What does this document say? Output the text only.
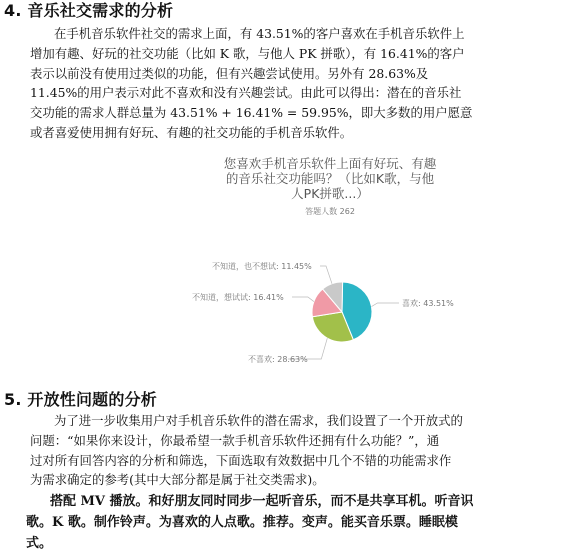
4. 音乐社交需求的分析
在手机音乐软件社交的需求上面，有 43.51%的客户喜欢在手机音乐软件上
增加有趣、好玩的社交功能（比如 K 歌，与他人 PK 拼歌），有 16.41%的客户
表示以前没有使用过类似的功能，但有兴趣尝试使用。另外有 28.63%及
11.45%的用户表示对此不喜欢和没有兴趣尝试。由此可以得出：潜在的音乐社
交功能的需求人群总量为 43.51% + 16.41% = 59.95%，即大多数的用户愿意
或者喜爱使用拥有好玩、有趣的社交功能的手机音乐软件。
您喜欢手机音乐软件上面有好玩、有趣
的音乐社交功能吗？（比如K歌，与他
人PK拼歌...）
答题人数 262
喜欢: 43.51%
不喜欢: 28.63%
不知道，想试试: 16.41%
不知道，也不想试: 11.45%
5. 开放性问题的分析
为了进一步收集用户对手机音乐软件的潜在需求，我们设置了一个开放式的
问题：“如果你来设计，你最希望一款手机音乐软件还拥有什么功能？”，通
过对所有回答内容的分析和筛选，下面选取有效数据中几个不错的功能需求作
为需求确定的参考(其中大部分都是属于社交类需求)。
搭配 MV 播放。和好朋友同时同步一起听音乐，而不是共享耳机。听音识
歌。K 歌。制作铃声。为喜欢的人点歌。推荐。变声。能买音乐票。睡眠模
式。
